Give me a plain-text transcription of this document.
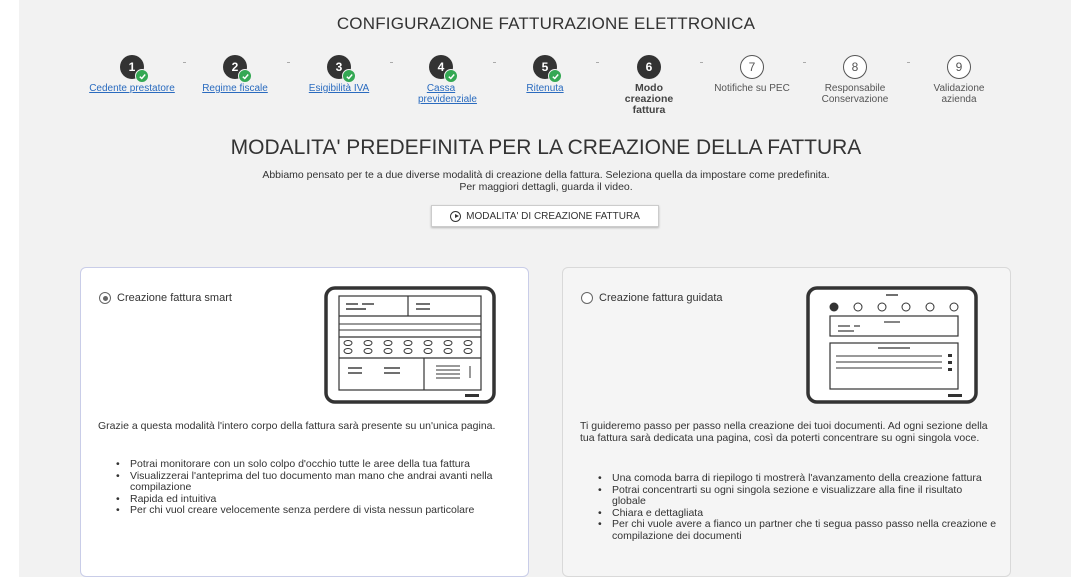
CONFIGURAZIONE FATTURAZIONE ELETTRONICA
1
Cedente prestatore
2
Regime fiscale
3
Esigibilità IVA
4
Cassa previdenziale
5
Ritenuta
6
Modo creazione fattura
7
Notifiche su PEC
8
Responsabile Conservazione
9
Validazione azienda
MODALITA' PREDEFINITA PER LA CREAZIONE DELLA FATTURA
Abbiamo pensato per te a due diverse modalità di creazione della fattura. Seleziona quella da impostare come predefinita.
Per maggiori dettagli, guarda il video.
MODALITA' DI CREAZIONE FATTURA
Creazione fattura smart
Grazie a questa modalità l'intero corpo della fattura sarà presente su un'unica pagina.
• Potrai monitorare con un solo colpo d'occhio tutte le aree della tua fattura
• Visualizzerai l'anteprima del tuo documento man mano che andrai avanti nella compilazione
• Rapida ed intuitiva
• Per chi vuol creare velocemente senza perdere di vista nessun particolare
Creazione fattura guidata
Ti guideremo passo per passo nella creazione dei tuoi documenti. Ad ogni sezione della tua fattura sarà dedicata una pagina, così da poterti concentrare su ogni singola voce.
• Una comoda barra di riepilogo ti mostrerà l'avanzamento della creazione fattura
• Potrai concentrarti su ogni singola sezione e visualizzare alla fine il risultato globale
• Chiara e dettagliata
• Per chi vuole avere a fianco un partner che ti segua passo passo nella creazione e compilazione dei documenti
